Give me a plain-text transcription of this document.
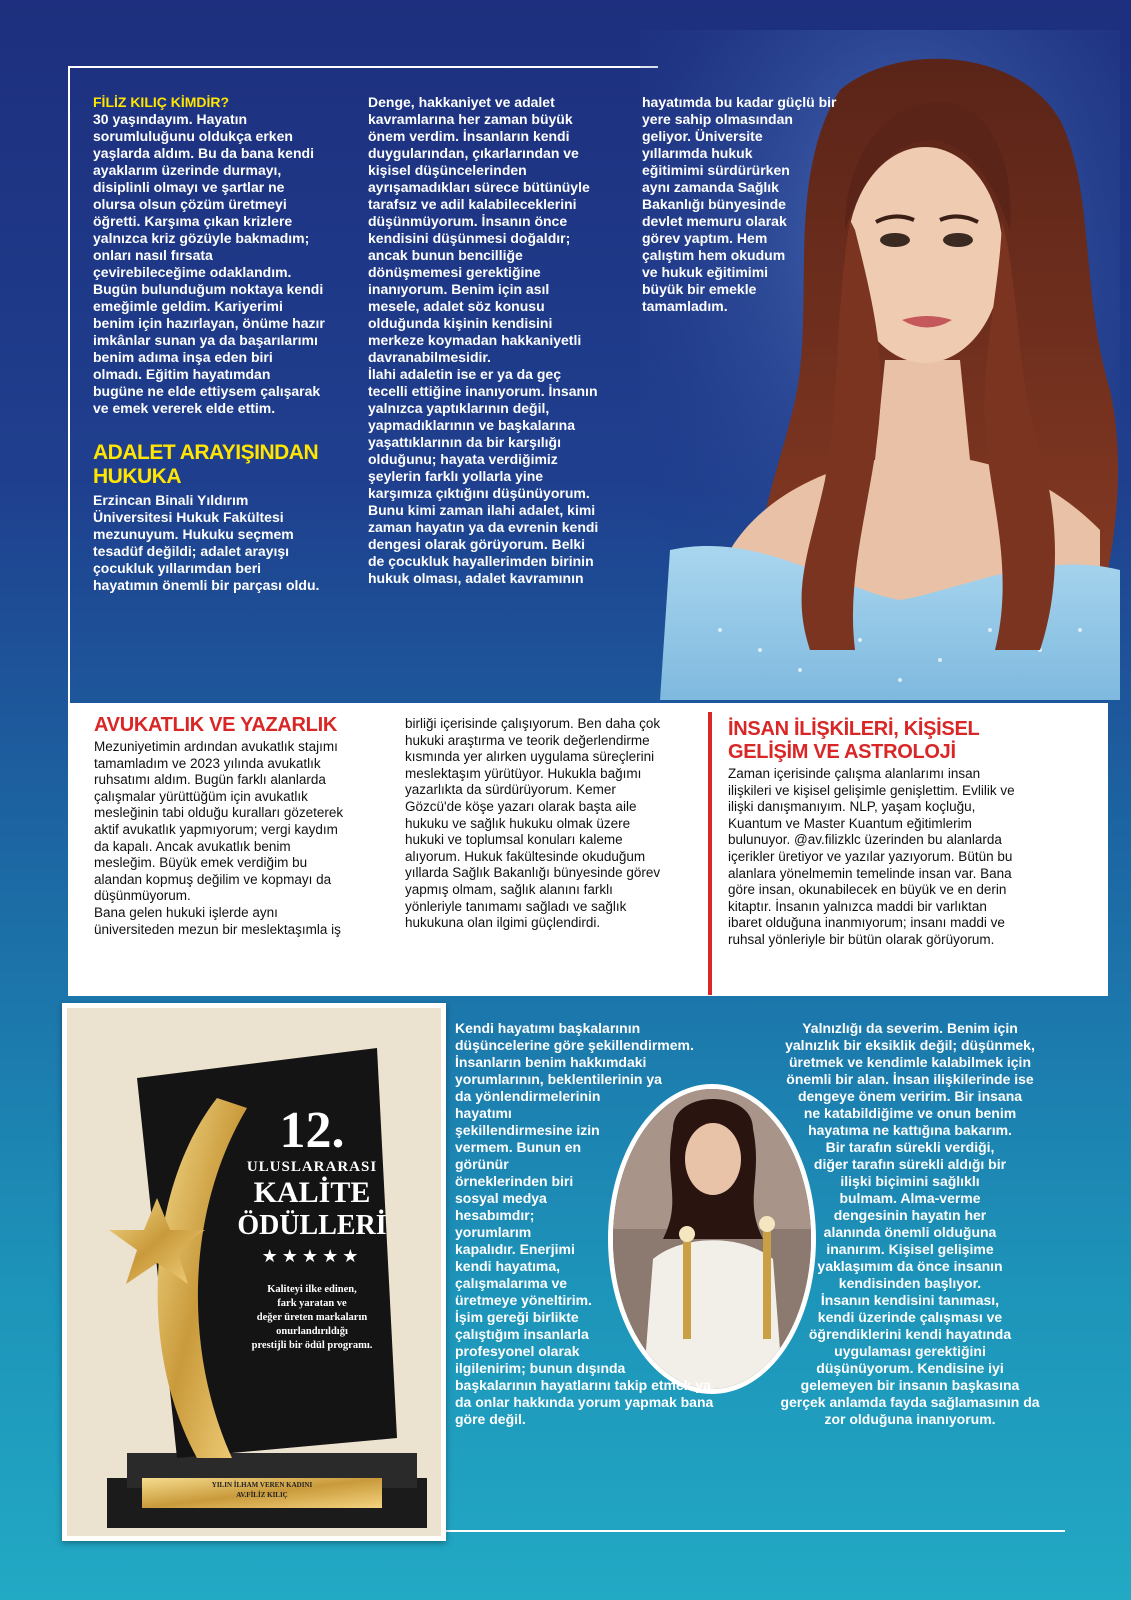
FİLİZ KILIÇ KİMDİR?

30 yaşındayım. Hayatın
sorumluluğunu oldukça erken
yaşlarda aldım. Bu da bana kendi
ayaklarım üzerinde durmayı,
disiplinli olmayı ve şartlar ne
olursa olsun çözüm üretmeyi
öğretti. Karşıma çıkan krizlere
yalnızca kriz gözüyle bakmadım;
onları nasıl fırsata
çevirebileceğime odaklandım.
Bugün bulunduğum noktaya kendi
emeğimle geldim. Kariyerimi
benim için hazırlayan, önüme hazır
imkânlar sunan ya da başarılarımı
benim adıma inşa eden biri
olmadı. Eğitim hayatımdan
bugüne ne elde ettiysem çalışarak
ve emek vererek elde ettim.

ADALET ARAYIŞINDAN
HUKUKA

Erzincan Binali Yıldırım
Üniversitesi Hukuk Fakültesi
mezunuyum. Hukuku seçmem
tesadüf değildi; adalet arayışı
çocukluk yıllarımdan beri
hayatımın önemli bir parçası oldu.

Denge, hakkaniyet ve adalet
kavramlarına her zaman büyük
önem verdim. İnsanların kendi
duygularından, çıkarlarından ve
kişisel düşüncelerinden
ayrışamadıkları sürece bütünüyle
tarafsız ve adil kalabileceklerini
düşünmüyorum. İnsanın önce
kendisini düşünmesi doğaldır;
ancak bunun bencilliğe
dönüşmemesi gerektiğine
inanıyorum. Benim için asıl
mesele, adalet söz konusu
olduğunda kişinin kendisini
merkeze koymadan hakkaniyetli
davranabilmesidir.
İlahi adaletin ise er ya da geç
tecelli ettiğine inanıyorum. İnsanın
yalnızca yaptıklarının değil,
yapmadıklarının ve başkalarına
yaşattıklarının da bir karşılığı
olduğunu; hayata verdiğimiz
şeylerin farklı yollarla yine
karşımıza çıktığını düşünüyorum.
Bunu kimi zaman ilahi adalet, kimi
zaman hayatın ya da evrenin kendi
dengesi olarak görüyorum. Belki
de çocukluk hayallerimden birinin
hukuk olması, adalet kavramının

hayatımda bu kadar güçlü bir
yere sahip olmasından
geliyor. Üniversite
yıllarımda hukuk
eğitimimi sürdürürken
aynı zamanda Sağlık
Bakanlığı bünyesinde
devlet memuru olarak
görev yaptım. Hem
çalıştım hem okudum
ve hukuk eğitimimi
büyük bir emekle
tamamladım.

AVUKATLIK VE YAZARLIK

Mezuniyetimin ardından avukatlık stajımı
tamamladım ve 2023 yılında avukatlık
ruhsatımı aldım. Bugün farklı alanlarda
çalışmalar yürüttüğüm için avukatlık
mesleğinin tabi olduğu kuralları gözeterek
aktif avukatlık yapmıyorum; vergi kaydım
da kapalı. Ancak avukatlık benim
mesleğim. Büyük emek verdiğim bu
alandan kopmuş değilim ve kopmayı da
düşünmüyorum.
Bana gelen hukuki işlerde aynı
üniversiteden mezun bir meslektaşımla iş

birliği içerisinde çalışıyorum. Ben daha çok
hukuki araştırma ve teorik değerlendirme
kısmında yer alırken uygulama süreçlerini
meslektaşım yürütüyor. Hukukla bağımı
yazarlıkta da sürdürüyorum. Kemer
Gözcü'de köşe yazarı olarak başta aile
hukuku ve sağlık hukuku olmak üzere
hukuki ve toplumsal konuları kaleme
alıyorum. Hukuk fakültesinde okuduğum
yıllarda Sağlık Bakanlığı bünyesinde görev
yapmış olmam, sağlık alanını farklı
yönleriyle tanımamı sağladı ve sağlık
hukukuna olan ilgimi güçlendirdi.

İNSAN İLİŞKİLERİ, KİŞİSEL
GELİŞİM VE ASTROLOJİ

Zaman içerisinde çalışma alanlarımı insan
ilişkileri ve kişisel gelişimle genişlettim. Evlilik ve
ilişki danışmanıyım. NLP, yaşam koçluğu,
Kuantum ve Master Kuantum eğitimlerim
bulunuyor. @av.filizklc üzerinden bu alanlarda
içerikler üretiyor ve yazılar yazıyorum. Bütün bu
alanlara yönelmemin temelinde insan var. Bana
göre insan, okunabilecek en büyük ve en derin
kitaptır. İnsanın yalnızca maddi bir varlıktan
ibaret olduğuna inanmıyorum; insanı maddi ve
ruhsal yönleriyle bir bütün olarak görüyorum.

12.
ULUSLARARASI
KALİTE
ÖDÜLLERİ
★★★★★
Kaliteyi ilke edinen,
fark yaratan ve
değer üreten markaların
onurlandırıldığı
prestijli bir ödül programı.
YILIN İLHAM VEREN KADINI
AV.FİLİZ KILIÇ

Kendi hayatımı başkalarının
düşüncelerine göre şekillendirmem.
İnsanların benim hakkımdaki
yorumlarının, beklentilerinin ya
da yönlendirmelerinin
hayatımı
şekillendirmesine izin
vermem. Bunun en
görünür
örneklerinden biri
sosyal medya
hesabımdır;
yorumlarım
kapalıdır. Enerjimi
kendi hayatıma,
çalışmalarıma ve
üretmeye yöneltirim.
İşim gereği birlikte
çalıştığım insanlarla
profesyonel olarak
ilgilenirim; bunun dışında

başkalarının hayatlarını takip etmek ya
da onlar hakkında yorum yapmak bana
göre değil.

Yalnızlığı da severim. Benim için
yalnızlık bir eksiklik değil; düşünmek,
üretmek ve kendimle kalabilmek için
önemli bir alan. İnsan ilişkilerinde ise
dengeye önem veririm. Bir insana
ne katabildiğime ve onun benim
hayatıma ne kattığına bakarım.
Bir tarafın sürekli verdiği,
diğer tarafın sürekli aldığı bir
ilişki biçimini sağlıklı
bulmam. Alma-verme
dengesinin hayatın her
alanında önemli olduğuna
inanırım. Kişisel gelişime
yaklaşımım da önce insanın
kendisinden başlıyor.
İnsanın kendisini tanıması,
kendi üzerinde çalışması ve
öğrendiklerini kendi hayatında
uygulaması gerektiğini
düşünüyorum. Kendisine iyi
gelemeyen bir insanın başkasına
gerçek anlamda fayda sağlamasının da
zor olduğuna inanıyorum.
